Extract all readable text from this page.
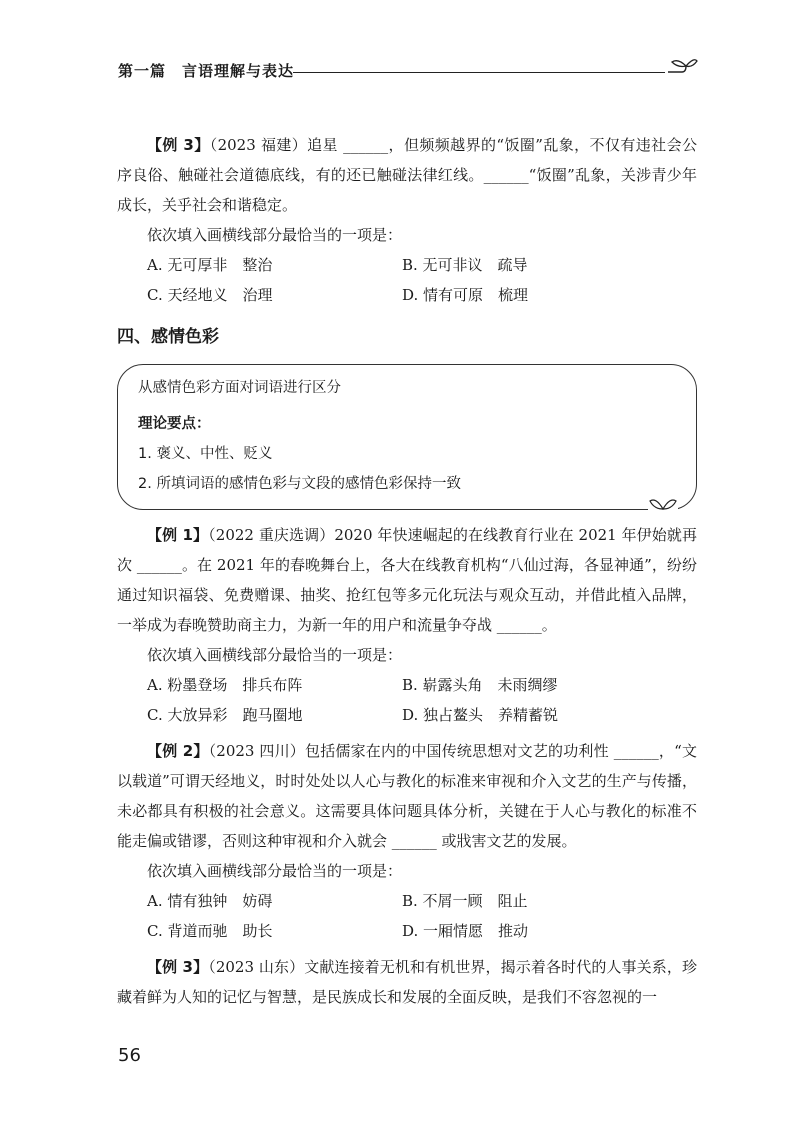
第一篇　言语理解与表达

【例 3】（2023 福建）追星 ______，但频频越界的“饭圈”乱象，不仅有违社会公序良俗、触碰社会道德底线，有的还已触碰法律红线。______“饭圈”乱象，关涉青少年成长，关乎社会和谐稳定。

依次填入画横线部分最恰当的一项是：

A. 无可厚非　整治	B. 无可非议　疏导
C. 天经地义　治理	D. 情有可原　梳理
四、感情色彩
从感情色彩方面对词语进行区分
理论要点：
1. 褒义、中性、贬义
2. 所填词语的感情色彩与文段的感情色彩保持一致

【例 1】（2022 重庆选调）2020 年快速崛起的在线教育行业在 2021 年伊始就再次 ______。在 2021 年的春晚舞台上，各大在线教育机构“八仙过海，各显神通”，纷纷通过知识福袋、免费赠课、抽奖、抢红包等多元化玩法与观众互动，并借此植入品牌，一举成为春晚赞助商主力，为新一年的用户和流量争夺战 ______。

依次填入画横线部分最恰当的一项是：

A. 粉墨登场　排兵布阵	B. 崭露头角　未雨绸缪
C. 大放异彩　跑马圈地	D. 独占鳌头　养精蓄锐

【例 2】（2023 四川）包括儒家在内的中国传统思想对文艺的功利性 ______，“文以载道”可谓天经地义，时时处处以人心与教化的标准来审视和介入文艺的生产与传播，未必都具有积极的社会意义。这需要具体问题具体分析，关键在于人心与教化的标准不能走偏或错谬，否则这种审视和介入就会 ______ 或戕害文艺的发展。

依次填入画横线部分最恰当的一项是：

A. 情有独钟　妨碍	B. 不屑一顾　阻止
C. 背道而驰　助长	D. 一厢情愿　推动

【例 3】（2023 山东）文献连接着无机和有机世界，揭示着各时代的人事关系，珍藏着鲜为人知的记忆与智慧，是民族成长和发展的全面反映，是我们不容忽视的一

56
